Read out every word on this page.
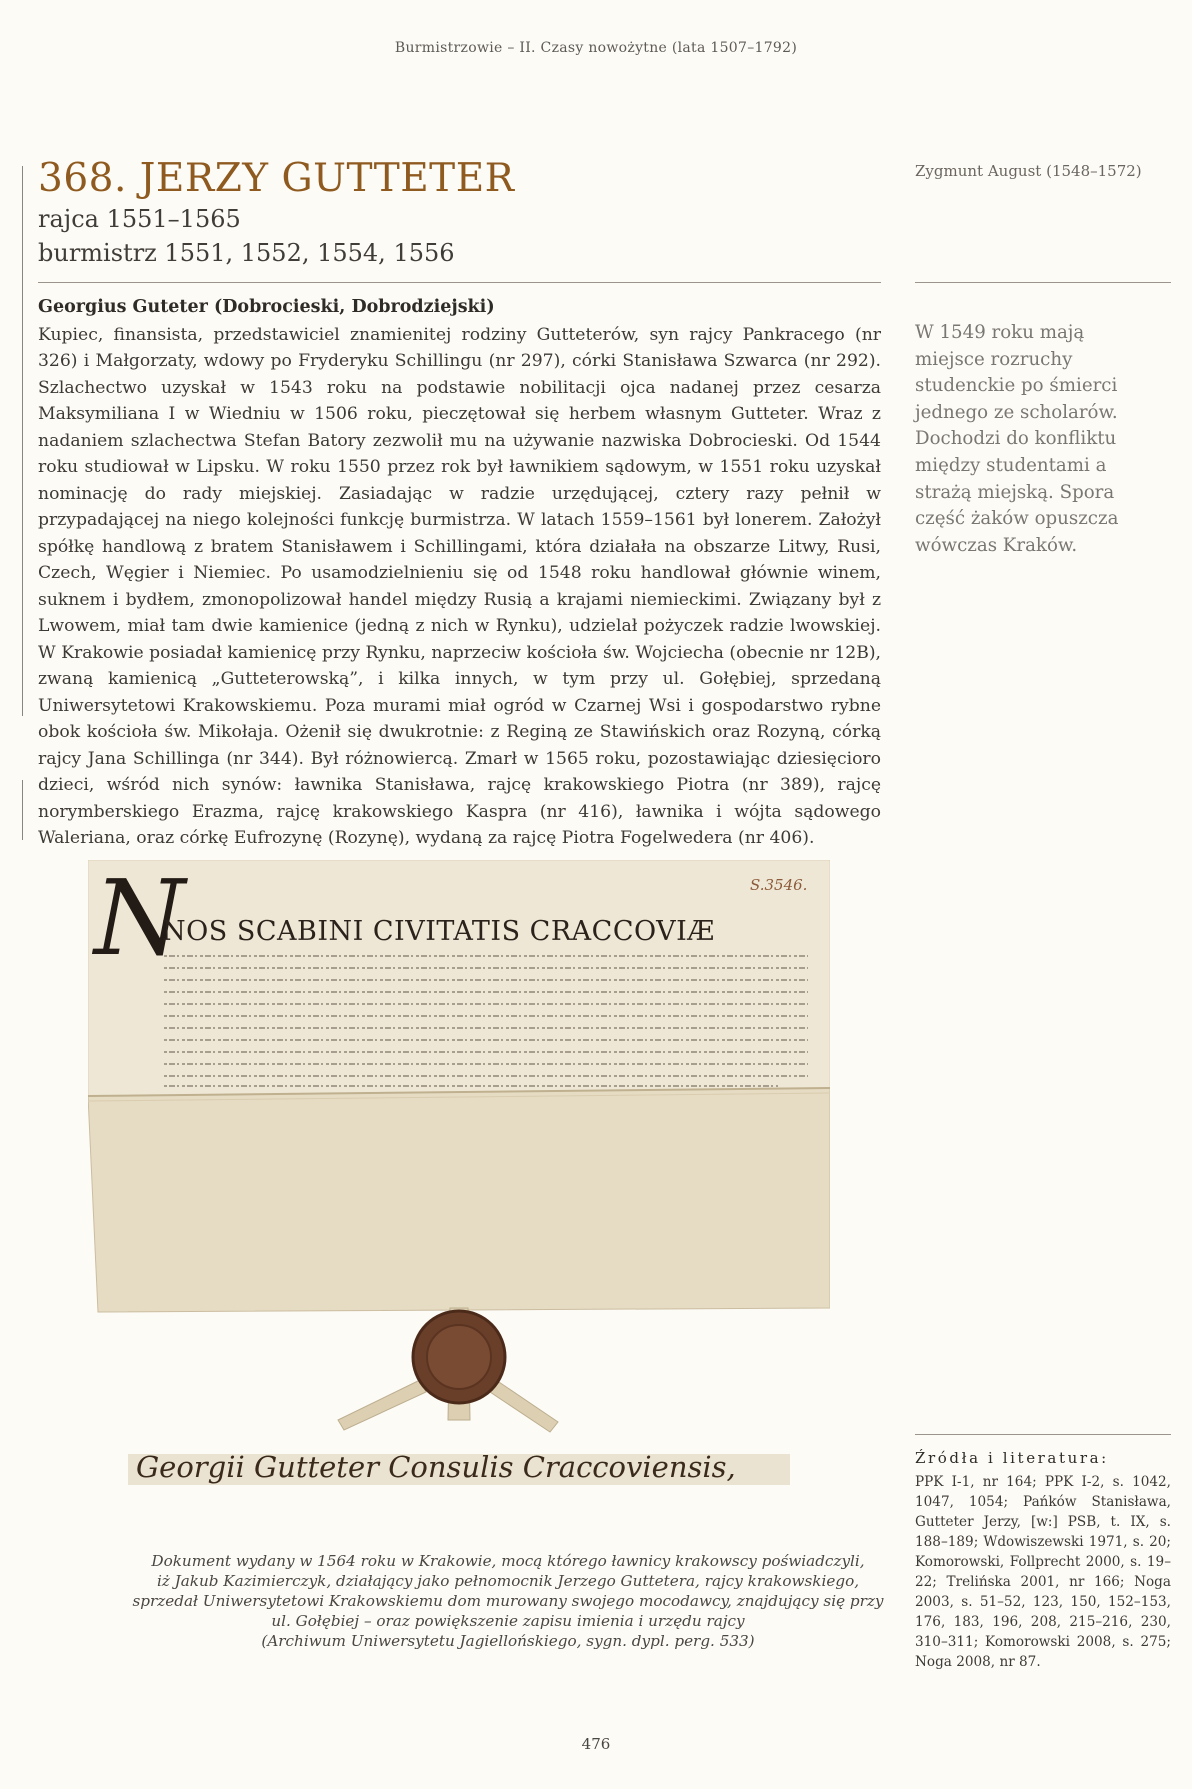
Burmistrzowie – II. Czasy nowożytne (lata 1507–1792)
368. JERZY GUTTETER
rajca 1551–1565
burmistrz 1551, 1552, 1554, 1556
Georgius Guteter (Dobrocieski, Dobrodziejski)
Kupiec, finansista, przedstawiciel znamienitej rodziny Gutteterów, syn rajcy Pankracego (nr 326) i Małgorzaty, wdowy po Fryderyku Schillingu (nr 297), córki Stanisława Szwarca (nr 292). Szlachectwo uzyskał w 1543 roku na podstawie nobilitacji ojca nadanej przez cesarza Maksymiliana I w Wiedniu w 1506 roku, pieczętował się herbem własnym Gutteter. Wraz z nadaniem szlachectwa Stefan Batory zezwolił mu na używanie nazwiska Dobrocieski. Od 1544 roku studiował w Lipsku. W roku 1550 przez rok był ławnikiem sądowym, w 1551 roku uzyskał nominację do rady miejskiej. Zasiadając w radzie urzędującej, cztery razy pełnił w przypadającej na niego kolejności funkcję burmistrza. W latach 1559–1561 był lonerem. Założył spółkę handlową z bratem Stanisławem i Schillingami, która działała na obszarze Litwy, Rusi, Czech, Węgier i Niemiec. Po usamodzielnieniu się od 1548 roku handlował głównie winem, suknem i bydłem, zmonopolizował handel między Rusią a krajami niemieckimi. Związany był z Lwowem, miał tam dwie kamienice (jedną z nich w Rynku), udzielał pożyczek radzie lwowskiej. W Krakowie posiadał kamienicę przy Rynku, naprzeciw kościoła św. Wojciecha (obecnie nr 12B), zwaną kamienicą „Gutteterowską”, i kilka innych, w tym przy ul. Gołębiej, sprzedaną Uniwersytetowi Krakowskiemu. Poza murami miał ogród w Czarnej Wsi i gospodarstwo rybne obok kościoła św. Mikołaja. Ożenił się dwukrotnie: z Reginą ze Stawińskich oraz Rozyną, córką rajcy Jana Schillinga (nr 344). Był różnowiercą. Zmarł w 1565 roku, pozostawiając dziesięcioro dzieci, wśród nich synów: ławnika Stanisława, rajcę krakowskiego Piotra (nr 389), rajcę norymberskiego Erazma, rajcę krakowskiego Kaspra (nr 416), ławnika i wójta sądowego Waleriana, oraz córkę Eufrozynę (Rozynę), wydaną za rajcę Piotra Fogelwedera (nr 406).
Zygmunt August (1548–1572)
W 1549 roku mają miejsce rozruchy studenckie po śmierci jednego ze scholarów. Dochodzi do konfliktu między studentami a strażą miejską. Spora część żaków opuszcza wówczas Kraków.
N
NOS SCABINI CIVITATIS CRACCOVIÆ
S.3546.
Georgii Gutteter Consulis Craccoviensis,
Dokument wydany w 1564 roku w Krakowie, mocą którego ławnicy krakowscy poświadczyli,
iż Jakub Kazimierczyk, działający jako pełnomocnik Jerzego Guttetera, rajcy krakowskiego, sprzedał Uniwersytetowi Krakowskiemu dom murowany swojego mocodawcy, znajdujący się przy ul. Gołębiej – oraz powiększenie zapisu imienia i urzędu rajcy
(Archiwum Uniwersytetu Jagiellońskiego, sygn. dypl. perg. 533)
Źródła i literatura:
PPK I-1, nr 164; PPK I-2, s. 1042, 1047, 1054; Pańków Stanisława, Gutteter Jerzy, [w:] PSB, t. IX, s. 188–189; Wdowiszewski 1971, s. 20; Komorowski, Follprecht 2000, s. 19–22; Trelińska 2001, nr 166; Noga 2003, s. 51–52, 123, 150, 152–153, 176, 183, 196, 208, 215–216, 230, 310–311; Komorowski 2008, s. 275; Noga 2008, nr 87.
476
